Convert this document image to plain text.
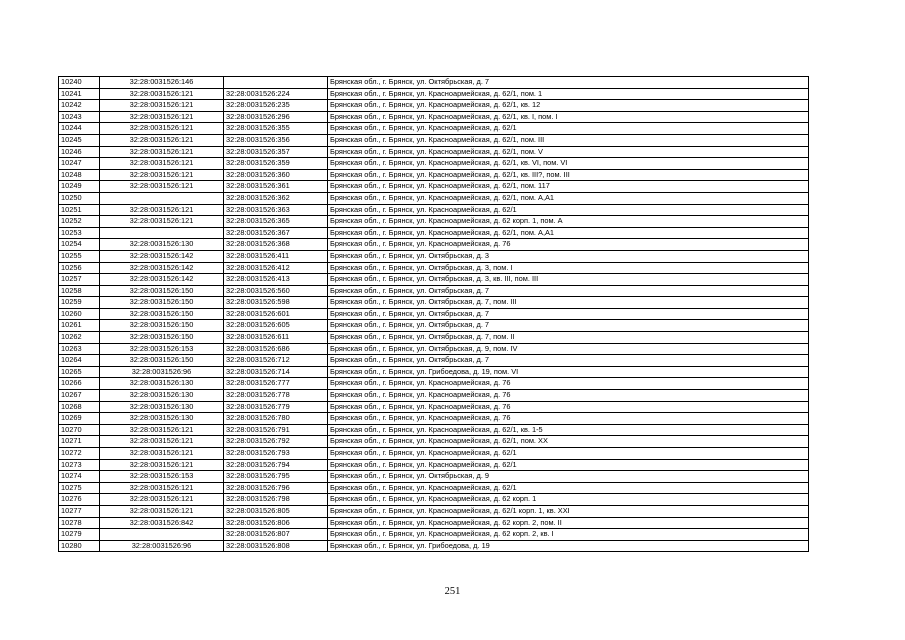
10240	32:28:0031526:146		Брянская обл., г. Брянск, ул. Октябрьская, д. 7
10241	32:28:0031526:121	32:28:0031526:224	Брянская обл., г. Брянск, ул. Красноармейская, д. 62/1, пом. 1
10242	32:28:0031526:121	32:28:0031526:235	Брянская обл., г. Брянск, ул. Красноармейская, д. 62/1, кв. 12
10243	32:28:0031526:121	32:28:0031526:296	Брянская обл., г. Брянск, ул. Красноармейская, д. 62/1, кв. I, пом. I
10244	32:28:0031526:121	32:28:0031526:355	Брянская обл., г. Брянск, ул. Красноармейская, д. 62/1
10245	32:28:0031526:121	32:28:0031526:356	Брянская обл., г. Брянск, ул. Красноармейская, д. 62/1, пом. III
10246	32:28:0031526:121	32:28:0031526:357	Брянская обл., г. Брянск, ул. Красноармейская, д. 62/1, пом. V
10247	32:28:0031526:121	32:28:0031526:359	Брянская обл., г. Брянск, ул. Красноармейская, д. 62/1, кв. VI, пом. VI
10248	32:28:0031526:121	32:28:0031526:360	Брянская обл., г. Брянск, ул. Красноармейская, д. 62/1, кв. III?, пом. III
10249	32:28:0031526:121	32:28:0031526:361	Брянская обл., г. Брянск, ул. Красноармейская, д. 62/1, пом. 117
10250		32:28:0031526:362	Брянская обл., г. Брянск, ул. Красноармейская, д. 62/1, пом. А,А1
10251	32:28:0031526:121	32:28:0031526:363	Брянская обл., г. Брянск, ул. Красноармейская, д. 62/1
10252	32:28:0031526:121	32:28:0031526:365	Брянская обл., г. Брянск, ул. Красноармейская, д. 62 корп. 1, пом. А
10253		32:28:0031526:367	Брянская обл., г. Брянск, ул. Красноармейская, д. 62/1, пом. А,А1
10254	32:28:0031526:130	32:28:0031526:368	Брянская обл., г. Брянск, ул. Красноармейская, д. 76
10255	32:28:0031526:142	32:28:0031526:411	Брянская обл., г. Брянск, ул. Октябрьская, д. 3
10256	32:28:0031526:142	32:28:0031526:412	Брянская обл., г. Брянск, ул. Октябрьская, д. 3, пом. I
10257	32:28:0031526:142	32:28:0031526:413	Брянская обл., г. Брянск, ул. Октябрьская, д. 3, кв. III, пом. III
10258	32:28:0031526:150	32:28:0031526:560	Брянская обл., г. Брянск, ул. Октябрьская, д. 7
10259	32:28:0031526:150	32:28:0031526:598	Брянская обл., г. Брянск, ул. Октябрьская, д. 7, пом. III
10260	32:28:0031526:150	32:28:0031526:601	Брянская обл., г. Брянск, ул. Октябрьская, д. 7
10261	32:28:0031526:150	32:28:0031526:605	Брянская обл., г. Брянск, ул. Октябрьская, д. 7
10262	32:28:0031526:150	32:28:0031526:611	Брянская обл., г. Брянск, ул. Октябрьская, д. 7, пом. II
10263	32:28:0031526:153	32:28:0031526:686	Брянская обл., г. Брянск, ул. Октябрьская, д. 9, пом. IV
10264	32:28:0031526:150	32:28:0031526:712	Брянская обл., г. Брянск, ул. Октябрьская, д. 7
10265	32:28:0031526:96	32:28:0031526:714	Брянская обл., г. Брянск, ул. Грибоедова, д. 19, пом. VI
10266	32:28:0031526:130	32:28:0031526:777	Брянская обл., г. Брянск, ул. Красноармейская, д. 76
10267	32:28:0031526:130	32:28:0031526:778	Брянская обл., г. Брянск, ул. Красноармейская, д. 76
10268	32:28:0031526:130	32:28:0031526:779	Брянская обл., г. Брянск, ул. Красноармейская, д. 76
10269	32:28:0031526:130	32:28:0031526:780	Брянская обл., г. Брянск, ул. Красноармейская, д. 76
10270	32:28:0031526:121	32:28:0031526:791	Брянская обл., г. Брянск, ул. Красноармейская, д. 62/1, кв. 1-5
10271	32:28:0031526:121	32:28:0031526:792	Брянская обл., г. Брянск, ул. Красноармейская, д. 62/1, пом. XX
10272	32:28:0031526:121	32:28:0031526:793	Брянская обл., г. Брянск, ул. Красноармейская, д. 62/1
10273	32:28:0031526:121	32:28:0031526:794	Брянская обл., г. Брянск, ул. Красноармейская, д. 62/1
10274	32:28:0031526:153	32:28:0031526:795	Брянская обл., г. Брянск, ул. Октябрьская, д. 9
10275	32:28:0031526:121	32:28:0031526:796	Брянская обл., г. Брянск, ул. Красноармейская, д. 62/1
10276	32:28:0031526:121	32:28:0031526:798	Брянская обл., г. Брянск, ул. Красноармейская, д. 62 корп. 1
10277	32:28:0031526:121	32:28:0031526:805	Брянская обл., г. Брянск, ул. Красноармейская, д. 62/1 корп. 1, кв. XXI
10278	32:28:0031526:842	32:28:0031526:806	Брянская обл., г. Брянск, ул. Красноармейская, д. 62 корп. 2, пом. II
10279		32:28:0031526:807	Брянская обл., г. Брянск, ул. Красноармейская, д. 62 корп. 2, кв. I
10280	32:28:0031526:96	32:28:0031526:808	Брянская обл., г. Брянск, ул. Грибоедова, д. 19
251
